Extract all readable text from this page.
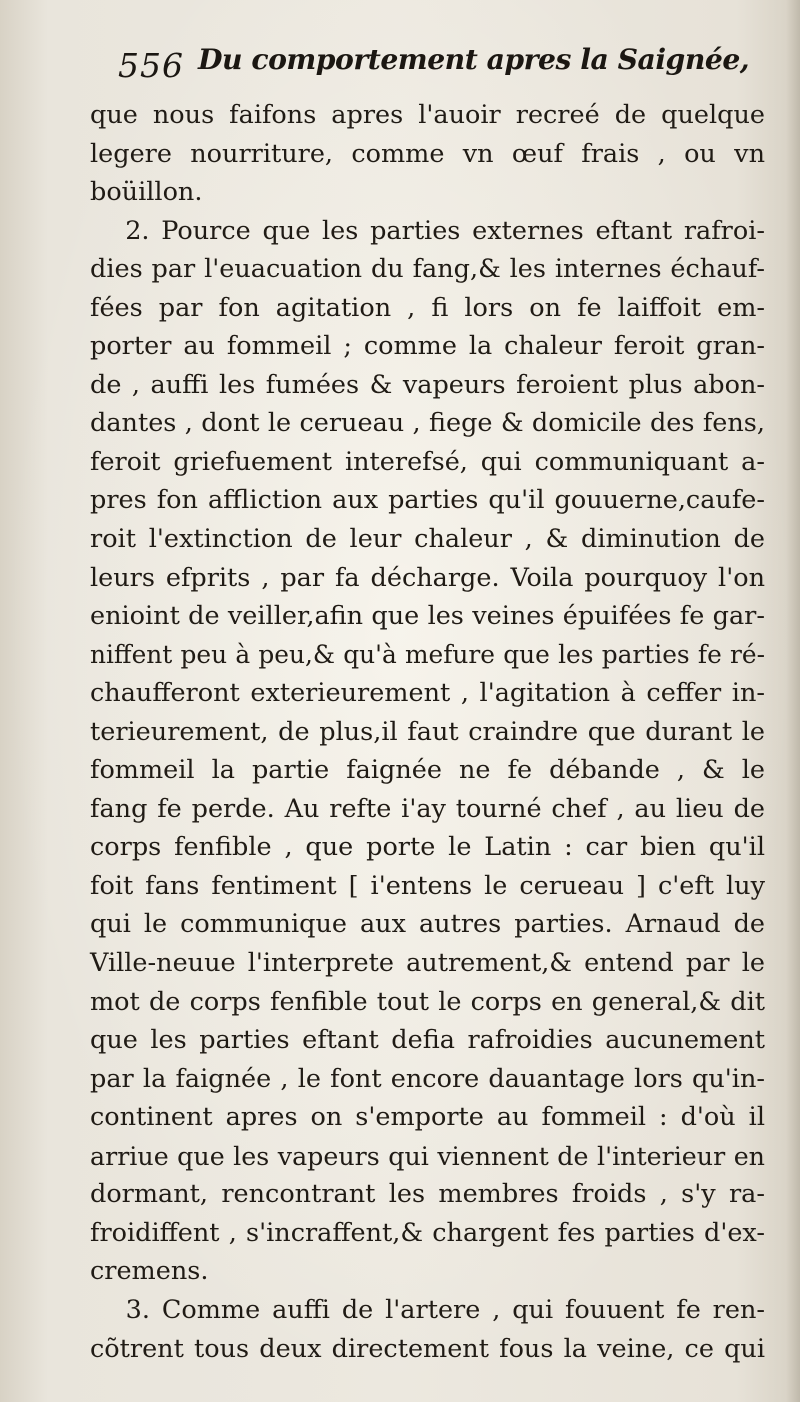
556 Du comportement apres la Saignée,
que nous faifons apres l'auoir recreé de quelque
legere nourriture, comme vn œuf frais , ou vn
boüillon.
2. Pource que les parties externes eftant rafroi-
dies par l'euacuation du fang,& les internes échauf-
fées par fon agitation , fi lors on fe laiffoit em-
porter au fommeil ; comme la chaleur feroit gran-
de , auffi les fumées & vapeurs feroient plus abon-
dantes , dont le cerueau , fiege & domicile des fens,
feroit griefuement interefsé, qui communiquant a-
pres fon affliction aux parties qu'il gouuerne,caufe-
roit l'extinction de leur chaleur , & diminution de
leurs efprits , par fa décharge. Voila pourquoy l'on
enioint de veiller,afin que les veines épuifées fe gar-
niffent peu à peu,& qu'à mefure que les parties fe ré-
chaufferont exterieurement , l'agitation à ceffer in-
terieurement, de plus,il faut craindre que durant le
fommeil la partie faignée ne fe débande , & le
fang fe perde. Au refte i'ay tourné chef , au lieu de
corps fenfible , que porte le Latin : car bien qu'il
foit fans fentiment [ i'entens le cerueau ] c'eft luy
qui le communique aux autres parties. Arnaud de
Ville-neuue l'interprete autrement,& entend par le
mot de corps fenfible tout le corps en general,& dit
que les parties eftant defia rafroidies aucunement
par la faignée , le font encore dauantage lors qu'in-
continent apres on s'emporte au fommeil : d'où il
arriue que les vapeurs qui viennent de l'interieur en
dormant, rencontrant les membres froids , s'y ra-
froidiffent , s'incraffent,& chargent fes parties d'ex-
cremens.
3. Comme auffi de l'artere , qui fouuent fe ren-
cõtrent tous deux directement fous la veine, ce qui
